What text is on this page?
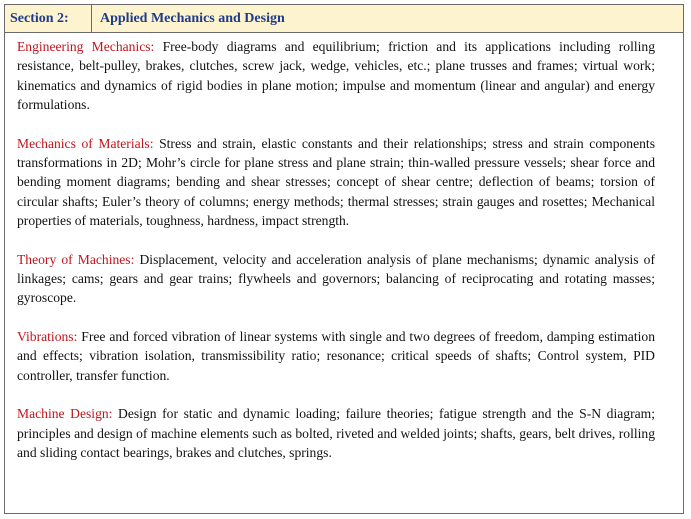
Section 2:	Applied Mechanics and Design

Engineering Mechanics: Free-body diagrams and equilibrium; friction and its applications including rolling resistance, belt-pulley, brakes, clutches, screw jack, wedge, vehicles, etc.; plane trusses and frames; virtual work; kinematics and dynamics of rigid bodies in plane motion; impulse and momentum (linear and angular) and energy formulations.

Mechanics of Materials: Stress and strain, elastic constants and their relationships; stress and strain components transformations in 2D; Mohr’s circle for plane stress and plane strain; thin-walled pressure vessels; shear force and bending moment diagrams; bending and shear stresses; concept of shear centre; deflection of beams; torsion of circular shafts; Euler’s theory of columns; energy methods; thermal stresses; strain gauges and rosettes; Mechanical properties of materials, toughness, hardness, impact strength.

Theory of Machines: Displacement, velocity and acceleration analysis of plane mechanisms; dynamic analysis of linkages; cams; gears and gear trains; flywheels and governors; balancing of reciprocating and rotating masses; gyroscope.

Vibrations: Free and forced vibration of linear systems with single and two degrees of freedom, damping estimation and effects; vibration isolation, transmissibility ratio; resonance; critical speeds of shafts; Control system, PID controller, transfer function.

Machine Design: Design for static and dynamic loading; failure theories; fatigue strength and the S-N diagram; principles and design of machine elements such as bolted, riveted and welded joints; shafts, gears, belt drives, rolling and sliding contact bearings, brakes and clutches, springs.
